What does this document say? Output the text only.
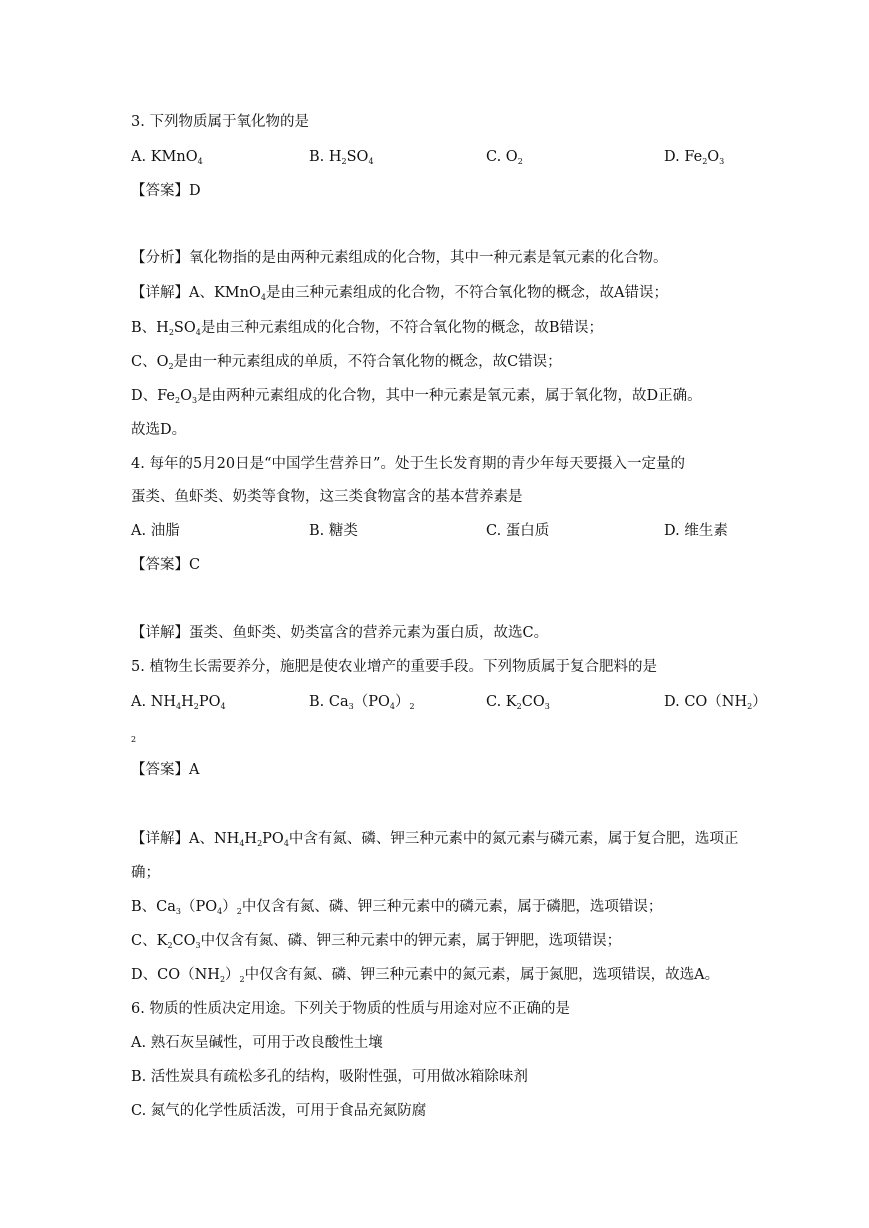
3. 下列物质属于氧化物的是
A. KMnO$_4$	B. $H_2SO_4$	C. $O_2$	D. $Fe_2O_3$
【答案】D
【分析】氧化物指的是由两种元素组成的化合物，其中一种元素是氧元素的化合物。
【详解】A、KMnO$_4$是由三种元素组成的化合物，不符合氧化物的概念，故A错误；
B、$H_2SO_4$是由三种元素组成的化合物，不符合氧化物的概念，故B错误；
C、$O_2$是由一种元素组成的单质，不符合氧化物的概念，故C错误；
D、$Fe_2O_3$是由两种元素组成的化合物，其中一种元素是氧元素，属于氧化物，故D正确。
故选D。
4. 每年的5月20日是“中国学生营养日”。处于生长发育期的青少年每天要摄入一定量的
蛋类、鱼虾类、奶类等食物，这三类食物富含的基本营养素是
A. 油脂	B. 糖类	C. 蛋白质	D. 维生素
【答案】C
【详解】蛋类、鱼虾类、奶类富含的营养元素为蛋白质，故选C。
5. 植物生长需要养分，施肥是使农业增产的重要手段。下列物质属于复合肥料的是
A. $NH_4H_2PO_4$	B. $Ca_3(PO_4)_2$	C. $K_2CO_3$	D. $CO(NH_2)$
2
【答案】A
【详解】A、$NH_4H_2PO_4$中含有氮、磷、钾三种元素中的氮元素与磷元素，属于复合肥，选项正
确；
B、$Ca_3(PO_4)_2$中仅含有氮、磷、钾三种元素中的磷元素，属于磷肥，选项错误；
C、$K_2CO_3$中仅含有氮、磷、钾三种元素中的钾元素，属于钾肥，选项错误；
D、$CO(NH_2)_2$中仅含有氮、磷、钾三种元素中的氮元素，属于氮肥，选项错误，故选A。
6. 物质的性质决定用途。下列关于物质的性质与用途对应不正确的是
A. 熟石灰呈碱性，可用于改良酸性土壤
B. 活性炭具有疏松多孔的结构，吸附性强，可用做冰箱除味剂
C. 氮气的化学性质活泼，可用于食品充氮防腐
